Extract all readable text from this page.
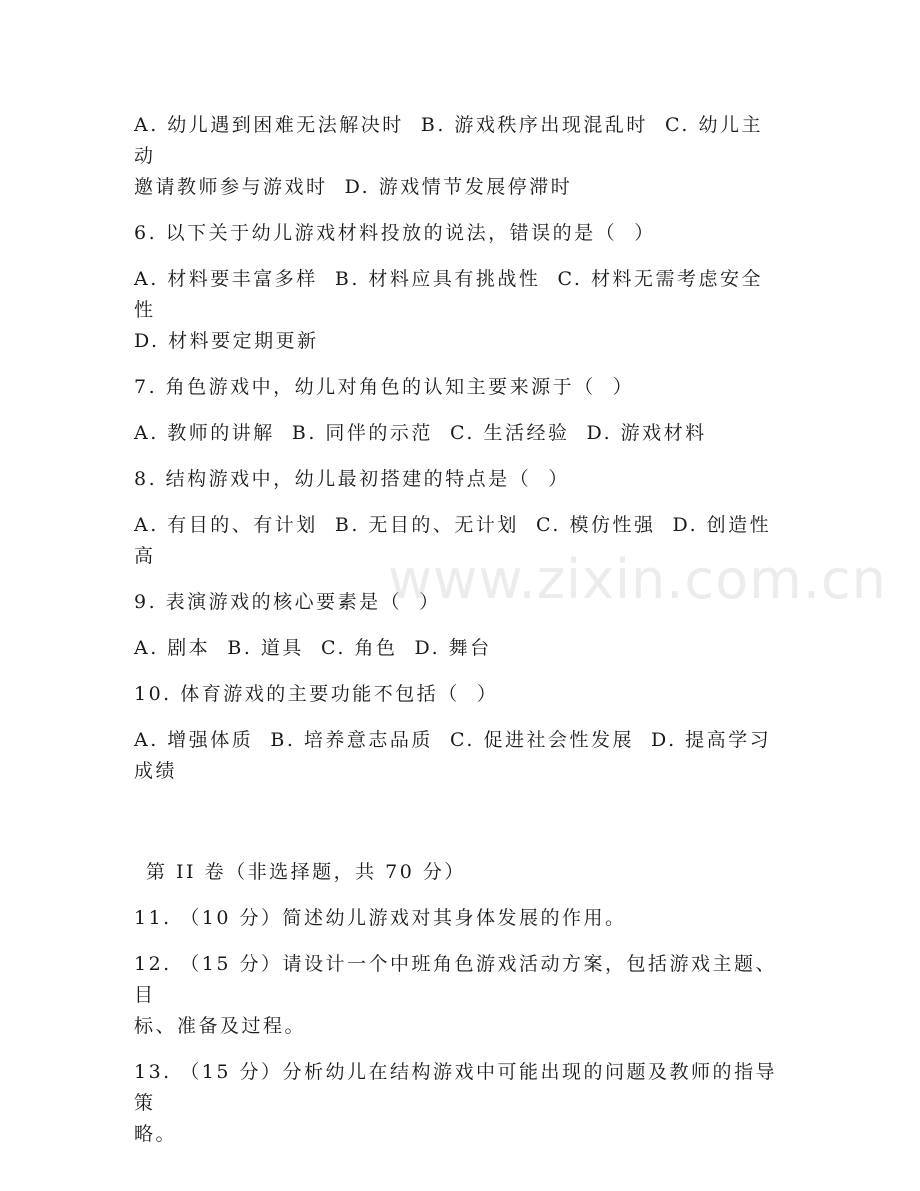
A. 幼儿遇到困难无法解决时  B. 游戏秩序出现混乱时  C. 幼儿主动
邀请教师参与游戏时  D. 游戏情节发展停滞时
6. 以下关于幼儿游戏材料投放的说法，错误的是（  ）
A. 材料要丰富多样  B. 材料应具有挑战性  C. 材料无需考虑安全性
D. 材料要定期更新
7. 角色游戏中，幼儿对角色的认知主要来源于（  ）
A. 教师的讲解  B. 同伴的示范  C. 生活经验  D. 游戏材料
8. 结构游戏中，幼儿最初搭建的特点是（  ）
A. 有目的、有计划  B. 无目的、无计划  C. 模仿性强  D. 创造性
高
9. 表演游戏的核心要素是（  ）
A. 剧本  B. 道具  C. 角色  D. 舞台
10. 体育游戏的主要功能不包括（  ）
A. 增强体质  B. 培养意志品质  C. 促进社会性发展  D. 提高学习
成绩
第 II 卷（非选择题，共 70 分）
11. （10 分）简述幼儿游戏对其身体发展的作用。
12. （15 分）请设计一个中班角色游戏活动方案，包括游戏主题、目
标、准备及过程。
13. （15 分）分析幼儿在结构游戏中可能出现的问题及教师的指导策
略。
www.zixin.com.cn
